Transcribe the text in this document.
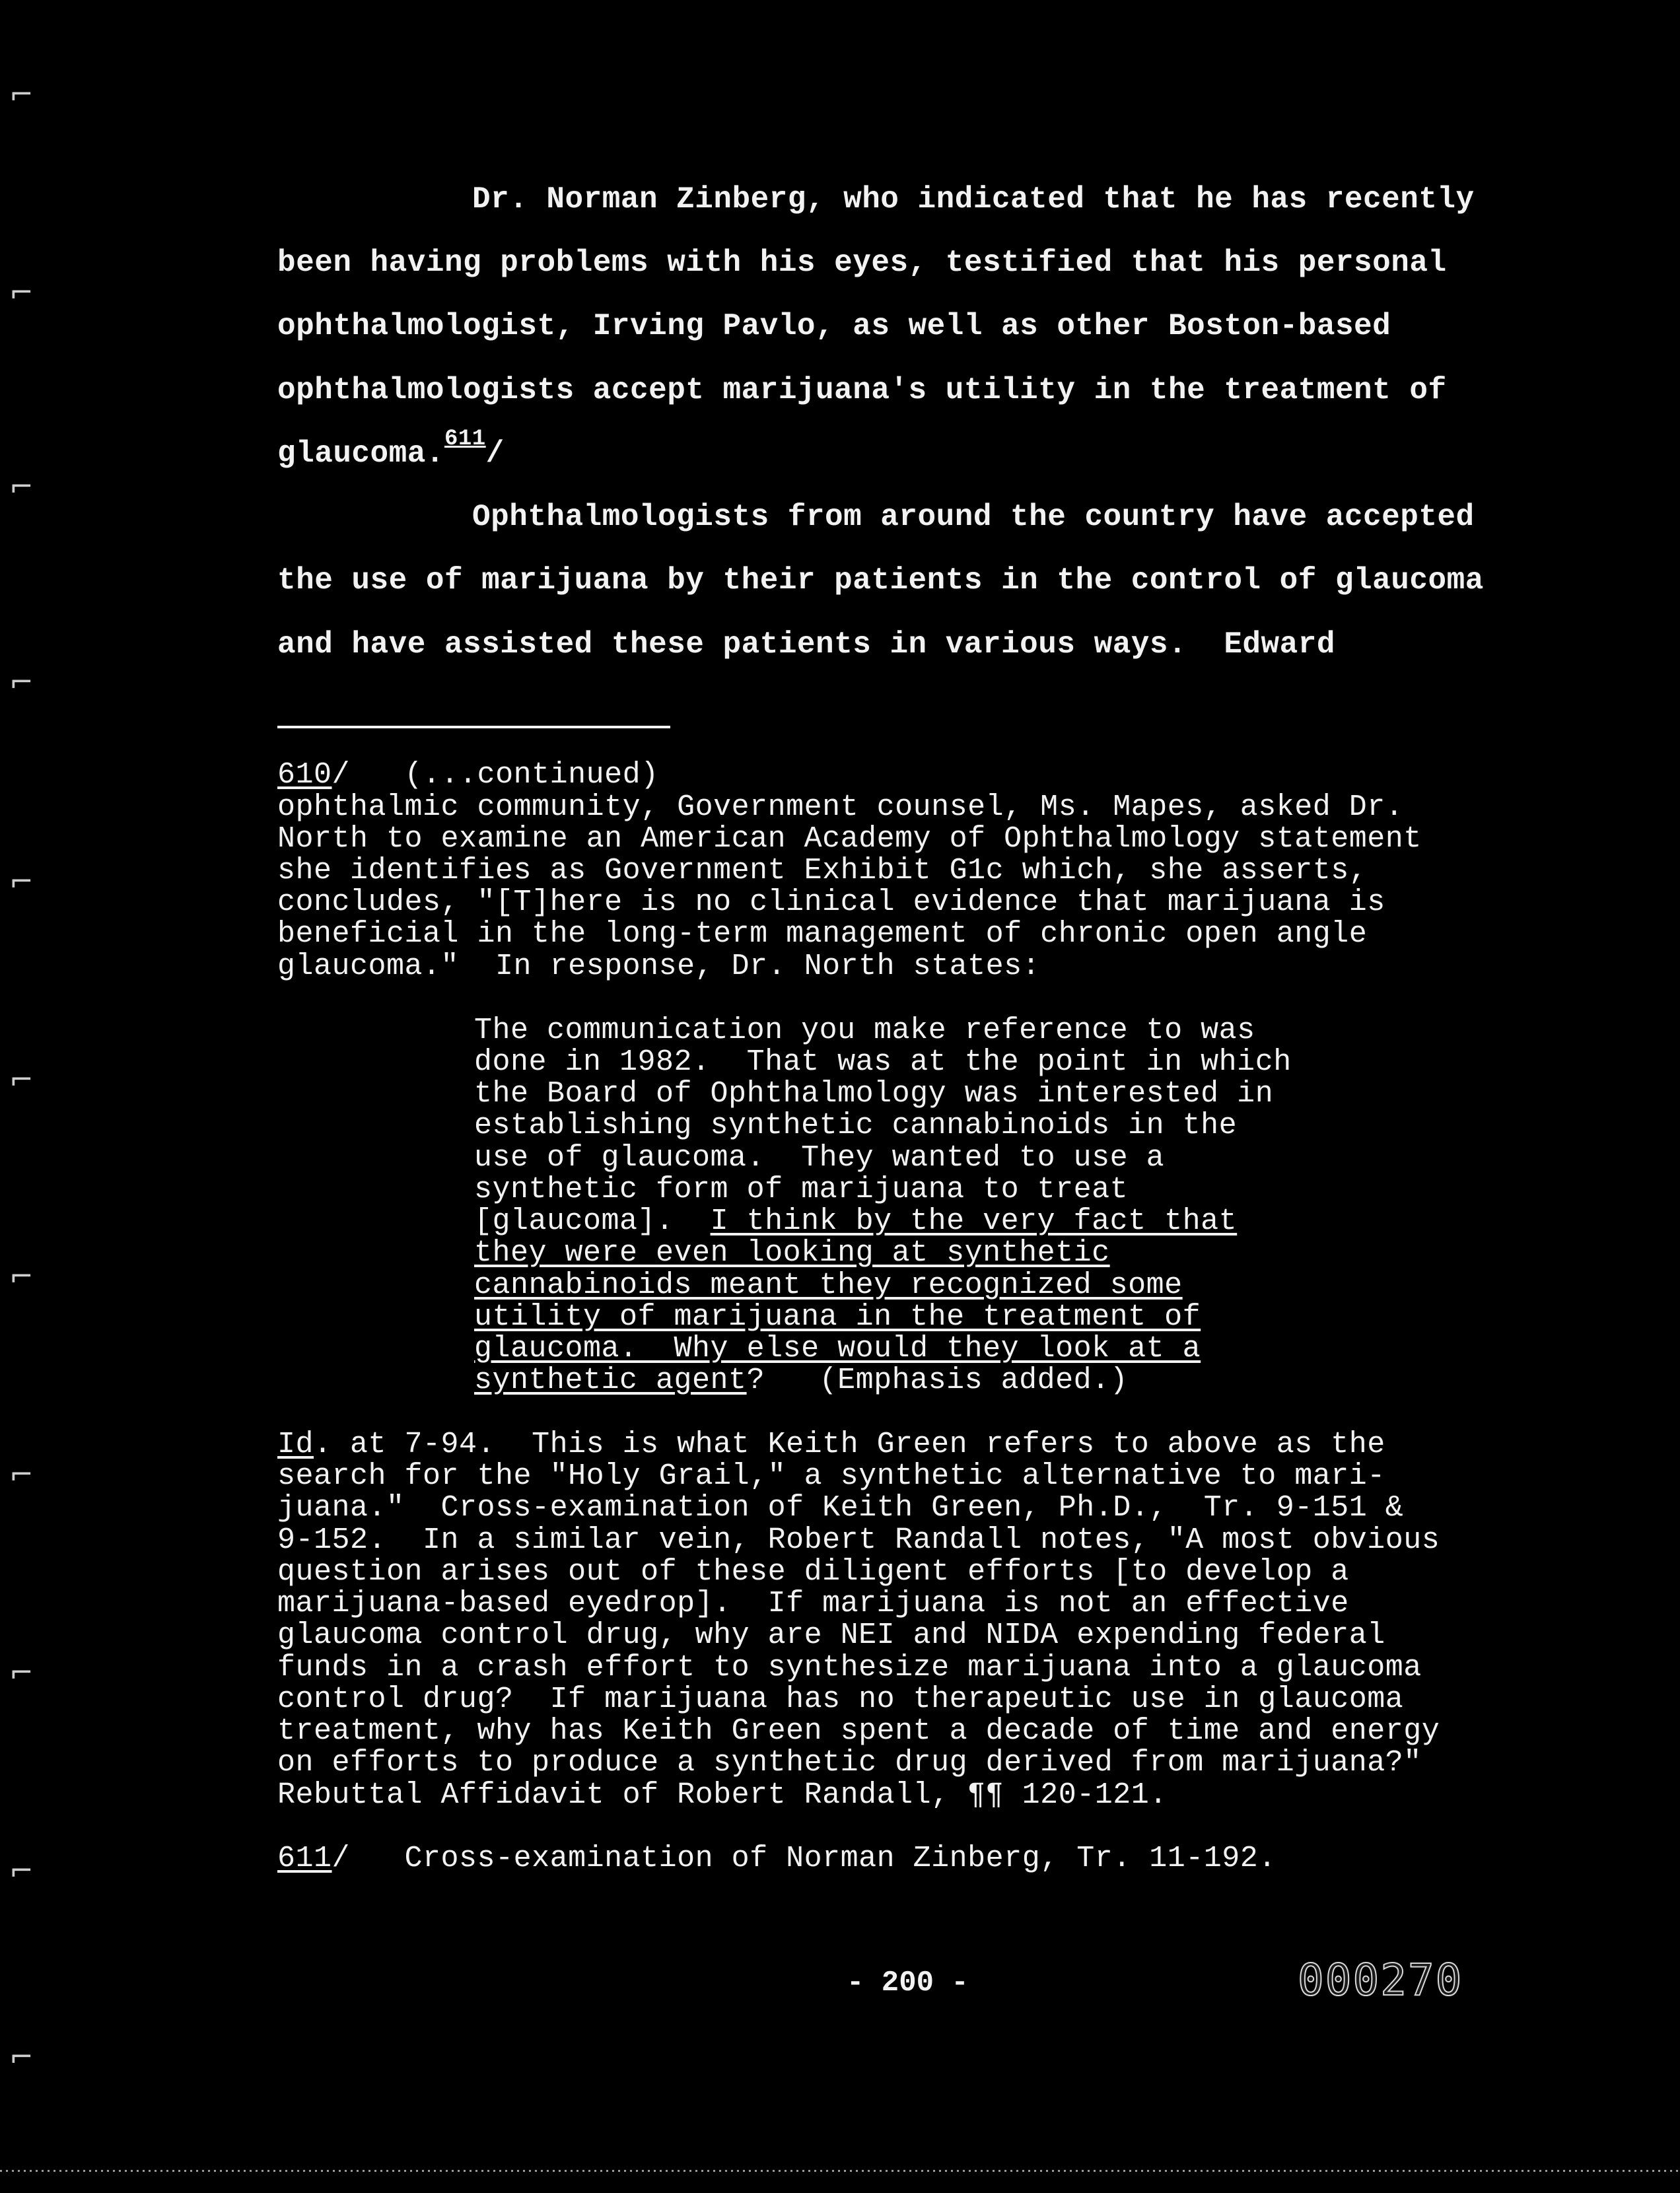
⌐
⌐
⌐
⌐
⌐
⌐
⌐
⌐
⌐
⌐
⌐
Dr. Norman Zinberg, who indicated that he has recently
been having problems with his eyes, testified that his personal
ophthalmologist, Irving Pavlo, as well as other Boston-based
ophthalmologists accept marijuana's utility in the treatment of
glaucoma.$^{611}$/
Ophthalmologists from around the country have accepted
the use of marijuana by their patients in the control of glaucoma
and have assisted these patients in various ways.  Edward
610/   (...continued)
ophthalmic community, Government counsel, Ms. Mapes, asked Dr.
North to examine an American Academy of Ophthalmology statement
she identifies as Government Exhibit G1c which, she asserts,
concludes, "[T]here is no clinical evidence that marijuana is
beneficial in the long-term management of chronic open angle
glaucoma."  In response, Dr. North states:
The communication you make reference to was
done in 1982.  That was at the point in which
the Board of Ophthalmology was interested in
establishing synthetic cannabinoids in the
use of glaucoma.  They wanted to use a
synthetic form of marijuana to treat
[glaucoma].  I think by the very fact that
they were even looking at synthetic
cannabinoids meant they recognized some
utility of marijuana in the treatment of
glaucoma.  Why else would they look at a
synthetic agent?   (Emphasis added.)
Id. at 7-94.  This is what Keith Green refers to above as the
search for the "Holy Grail," a synthetic alternative to mari-
juana."  Cross-examination of Keith Green, Ph.D.,  Tr. 9-151 &
9-152.  In a similar vein, Robert Randall notes, "A most obvious
question arises out of these diligent efforts [to develop a
marijuana-based eyedrop].  If marijuana is not an effective
glaucoma control drug, why are NEI and NIDA expending federal
funds in a crash effort to synthesize marijuana into a glaucoma
control drug?  If marijuana has no therapeutic use in glaucoma
treatment, why has Keith Green spent a decade of time and energy
on efforts to produce a synthetic drug derived from marijuana?"
Rebuttal Affidavit of Robert Randall, ¶¶ 120-121.
611/   Cross-examination of Norman Zinberg, Tr. 11-192.
- 200 -	000270
